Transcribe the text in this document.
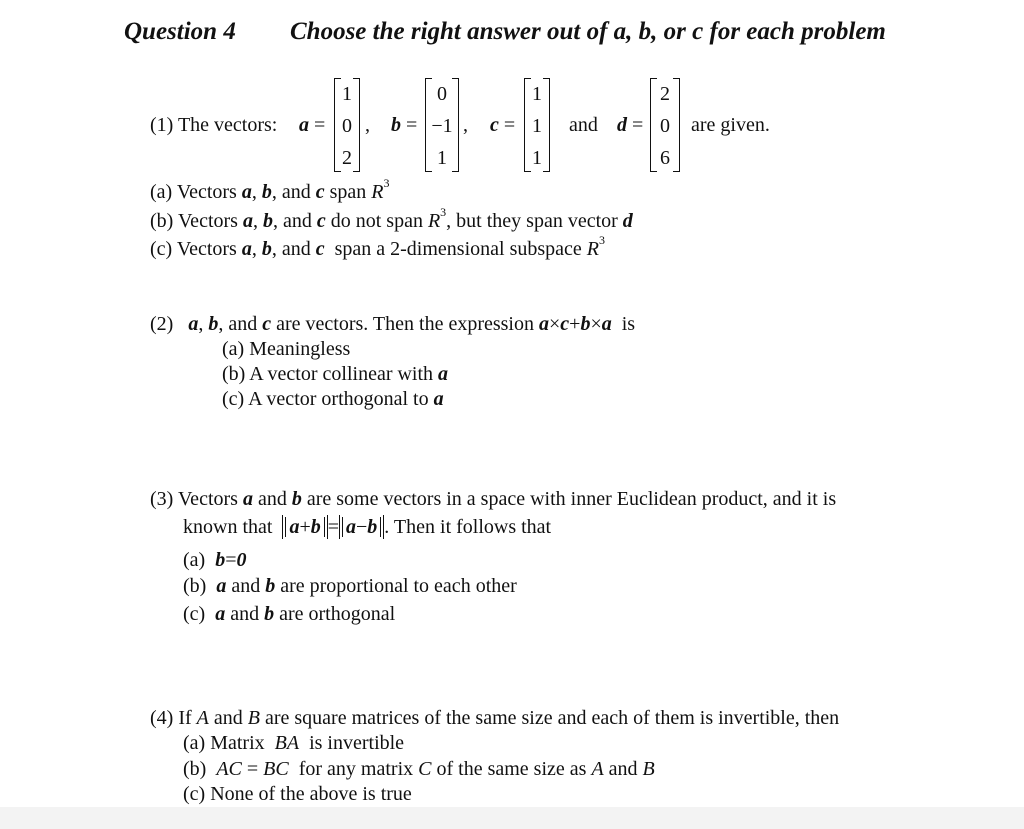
Question 4 Choose the right answer out of a, b, or c for each problem
(1) The vectors: a =
1
0
2
, b =
0
−1
1
, c =
1
1
1
and d =
2
0
6
are given.
(a) Vectors a, b, and c span $R^3$
(b) Vectors a, b, and c do not span $R^3$, but they span vector d
(c) Vectors a, b, and c span a 2-dimensional subspace $R^3$
(2) a, b, and c are vectors. Then the expression a×c+b×a is
(a) Meaningless
(b) A vector collinear with a
(c) A vector orthogonal to a
(3) Vectors a and b are some vectors in a space with inner Euclidean product, and it is
known that a+b = a−b . Then it follows that
(a) b=0
(b) a and b are proportional to each other
(c) a and b are orthogonal
(4) If A and B are square matrices of the same size and each of them is invertible, then
(a) Matrix BA is invertible
(b) AC = BC for any matrix C of the same size as A and B
(c) None of the above is true
